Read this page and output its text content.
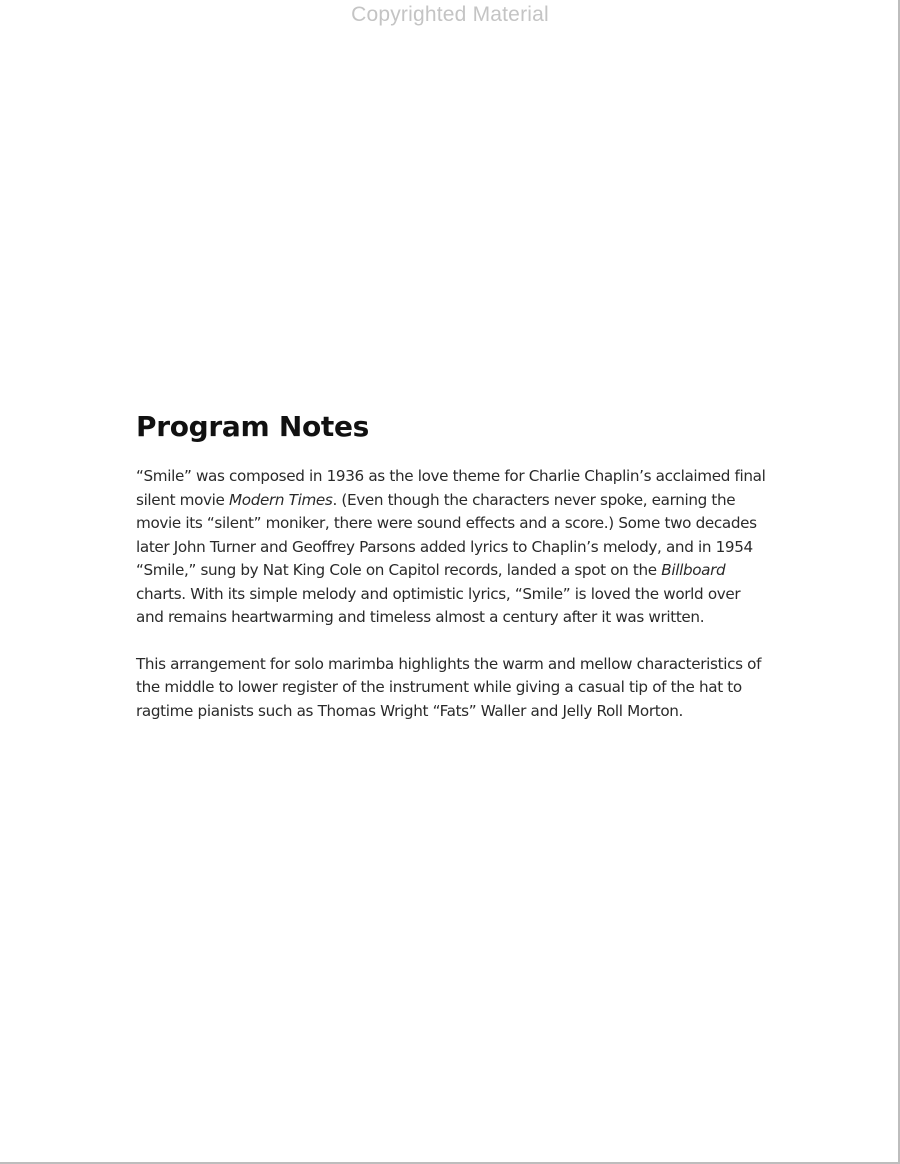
Copyrighted Material
Program Notes

“Smile” was composed in 1936 as the love theme for Charlie Chaplin’s acclaimed final silent movie Modern Times. (Even though the characters never spoke, earning the movie its “silent” moniker, there were sound effects and a score.) Some two decades later John Turner and Geoffrey Parsons added lyrics to Chaplin’s melody, and in 1954 “Smile,” sung by Nat King Cole on Capitol records, landed a spot on the Billboard charts. With its simple melody and optimistic lyrics, “Smile” is loved the world over and remains heartwarming and timeless almost a century after it was written.

This arrangement for solo marimba highlights the warm and mellow characteristics of the middle to lower register of the instrument while giving a casual tip of the hat to ragtime pianists such as Thomas Wright “Fats” Waller and Jelly Roll Morton.
